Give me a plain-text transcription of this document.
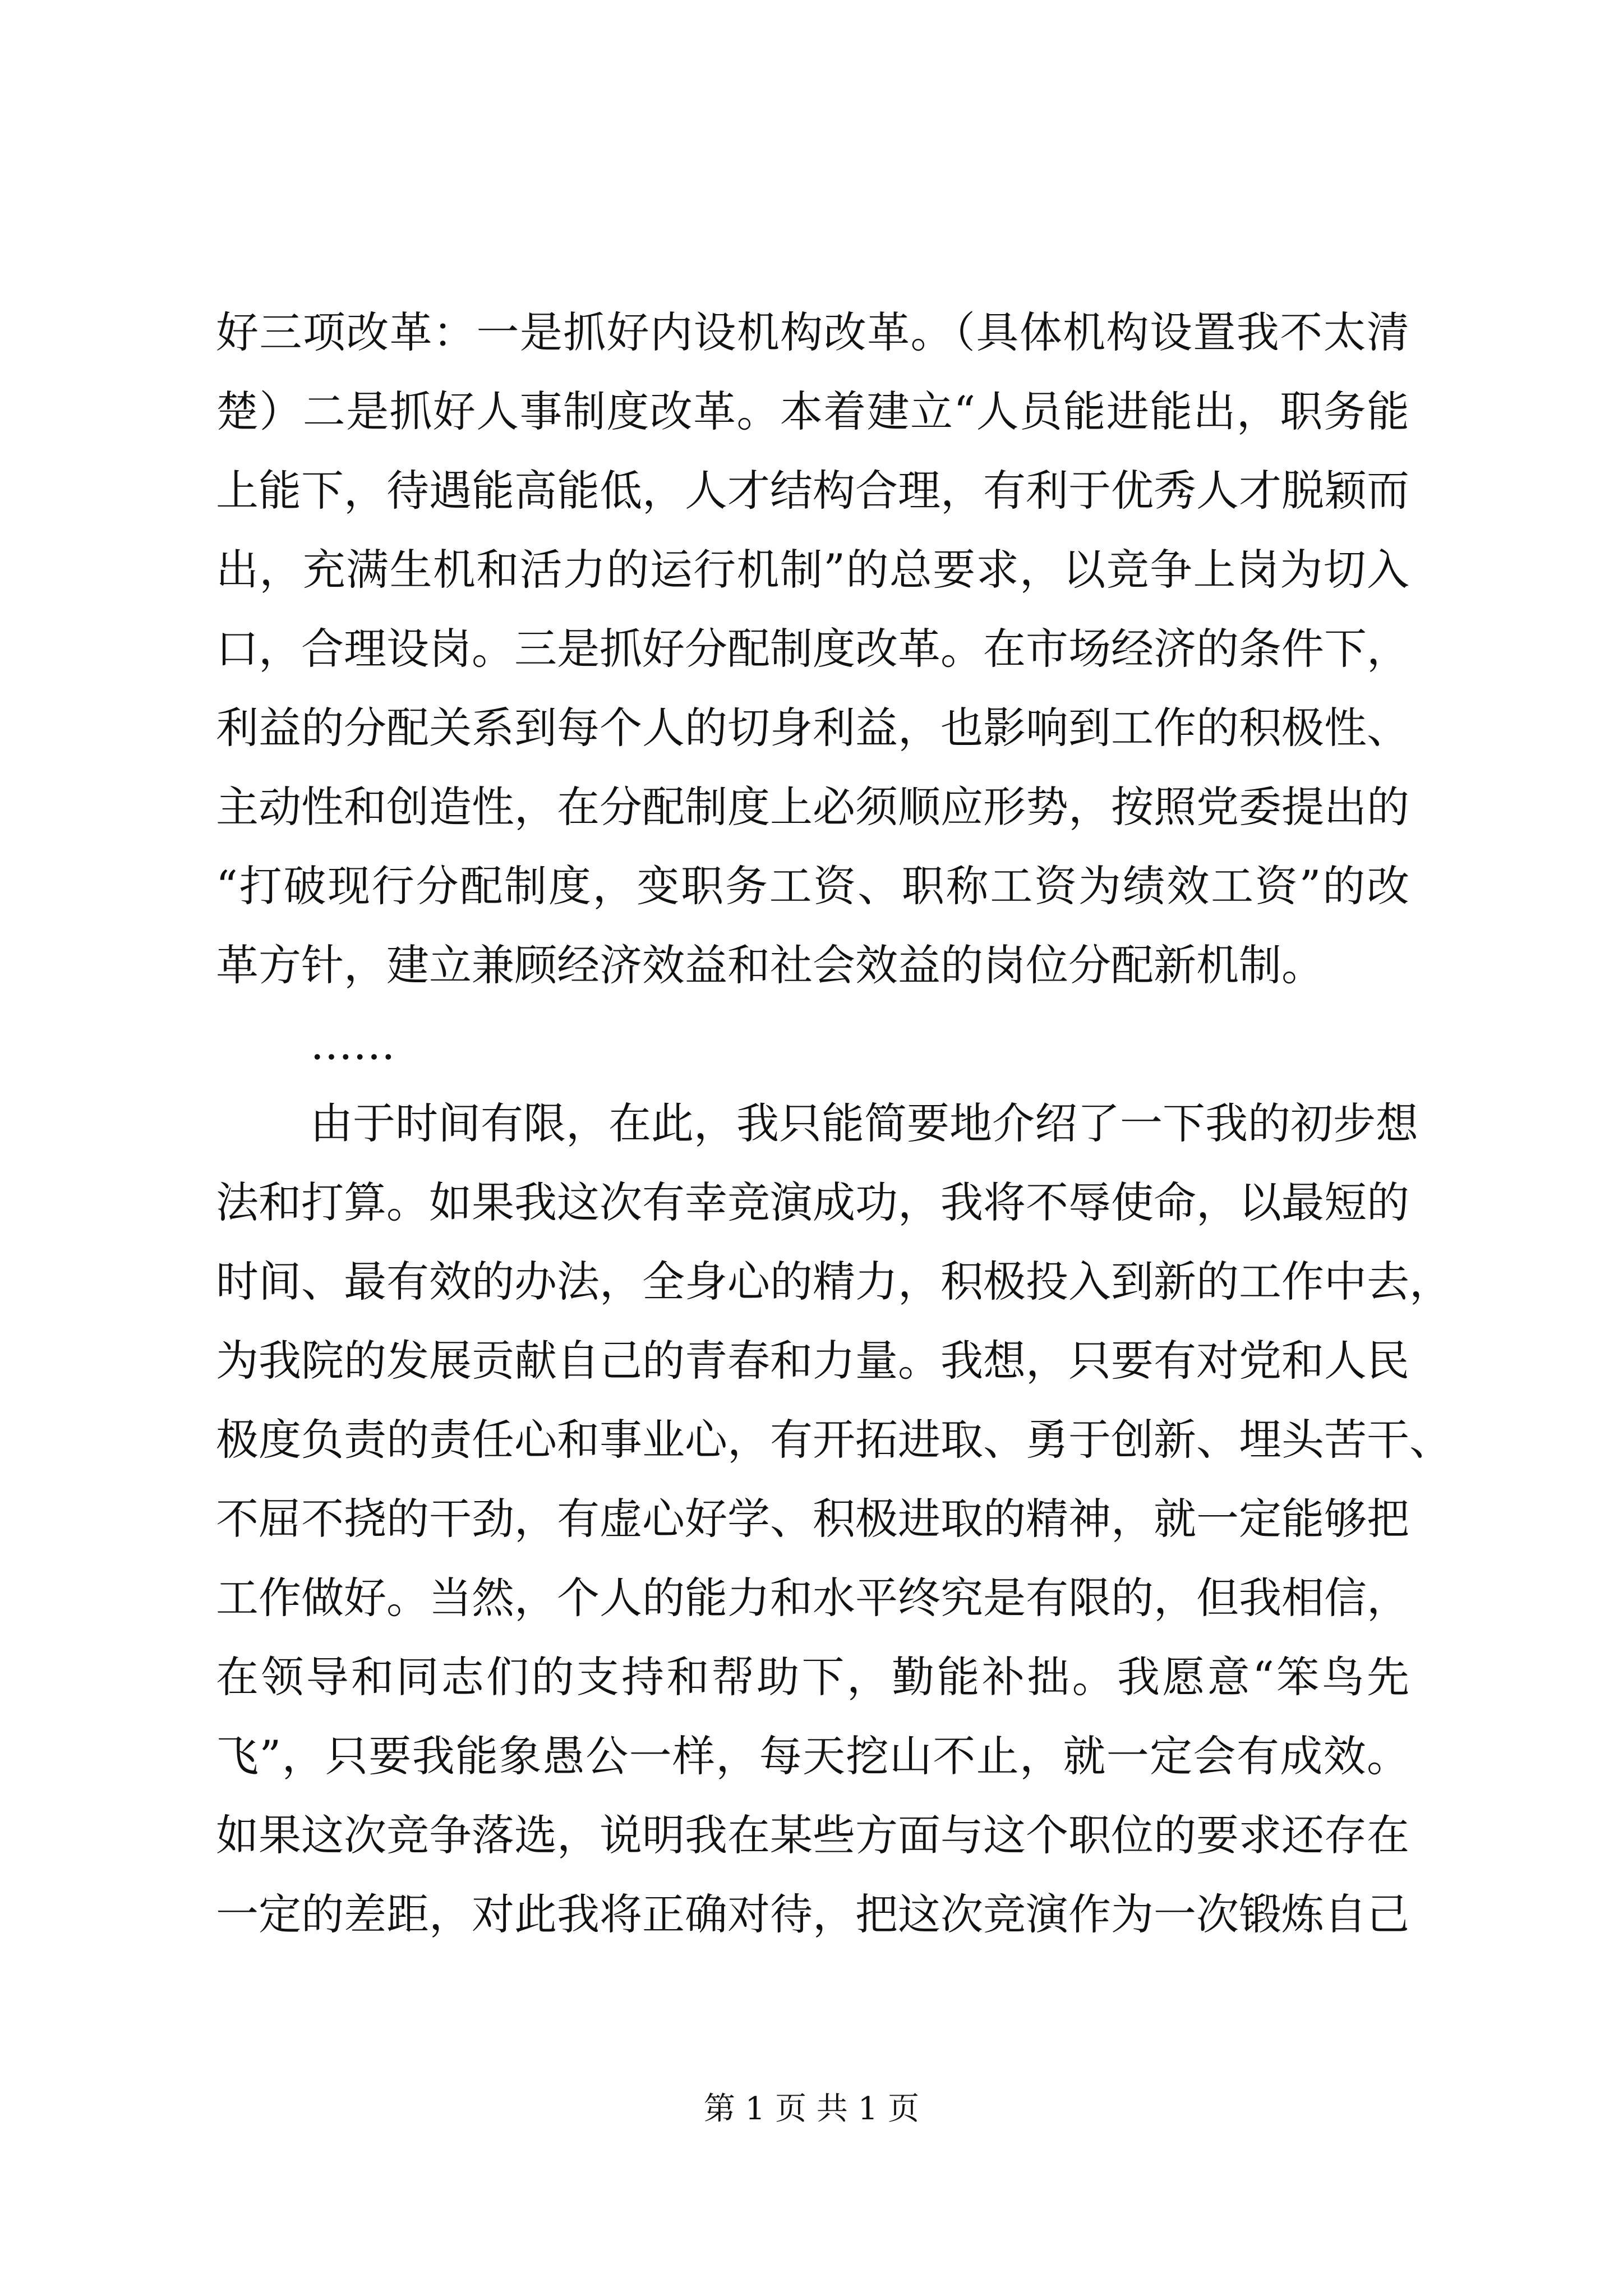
好三项改革：一是抓好内设机构改革。（具体机构设置我不太清
楚）二是抓好人事制度改革。本着建立“人员能进能出，职务能
上能下，待遇能高能低，人才结构合理，有利于优秀人才脱颖而
出，充满生机和活力的运行机制”的总要求，以竞争上岗为切入
口，合理设岗。三是抓好分配制度改革。在市场经济的条件下，
利益的分配关系到每个人的切身利益，也影响到工作的积极性、
主动性和创造性，在分配制度上必须顺应形势，按照党委提出的
“打破现行分配制度，变职务工资、职称工资为绩效工资”的改
革方针，建立兼顾经济效益和社会效益的岗位分配新机制。
……
由于时间有限，在此，我只能简要地介绍了一下我的初步想
法和打算。如果我这次有幸竞演成功，我将不辱使命，以最短的
时间、最有效的办法，全身心的精力，积极投入到新的工作中去，
为我院的发展贡献自己的青春和力量。我想，只要有对党和人民
极度负责的责任心和事业心，有开拓进取、勇于创新、埋头苦干、
不屈不挠的干劲，有虚心好学、积极进取的精神，就一定能够把
工作做好。当然，个人的能力和水平终究是有限的，但我相信，
在领导和同志们的支持和帮助下，勤能补拙。我愿意“笨鸟先
飞”，只要我能象愚公一样，每天挖山不止，就一定会有成效。
如果这次竞争落选，说明我在某些方面与这个职位的要求还存在
一定的差距，对此我将正确对待，把这次竞演作为一次锻炼自己
第 1 页 共 1 页
